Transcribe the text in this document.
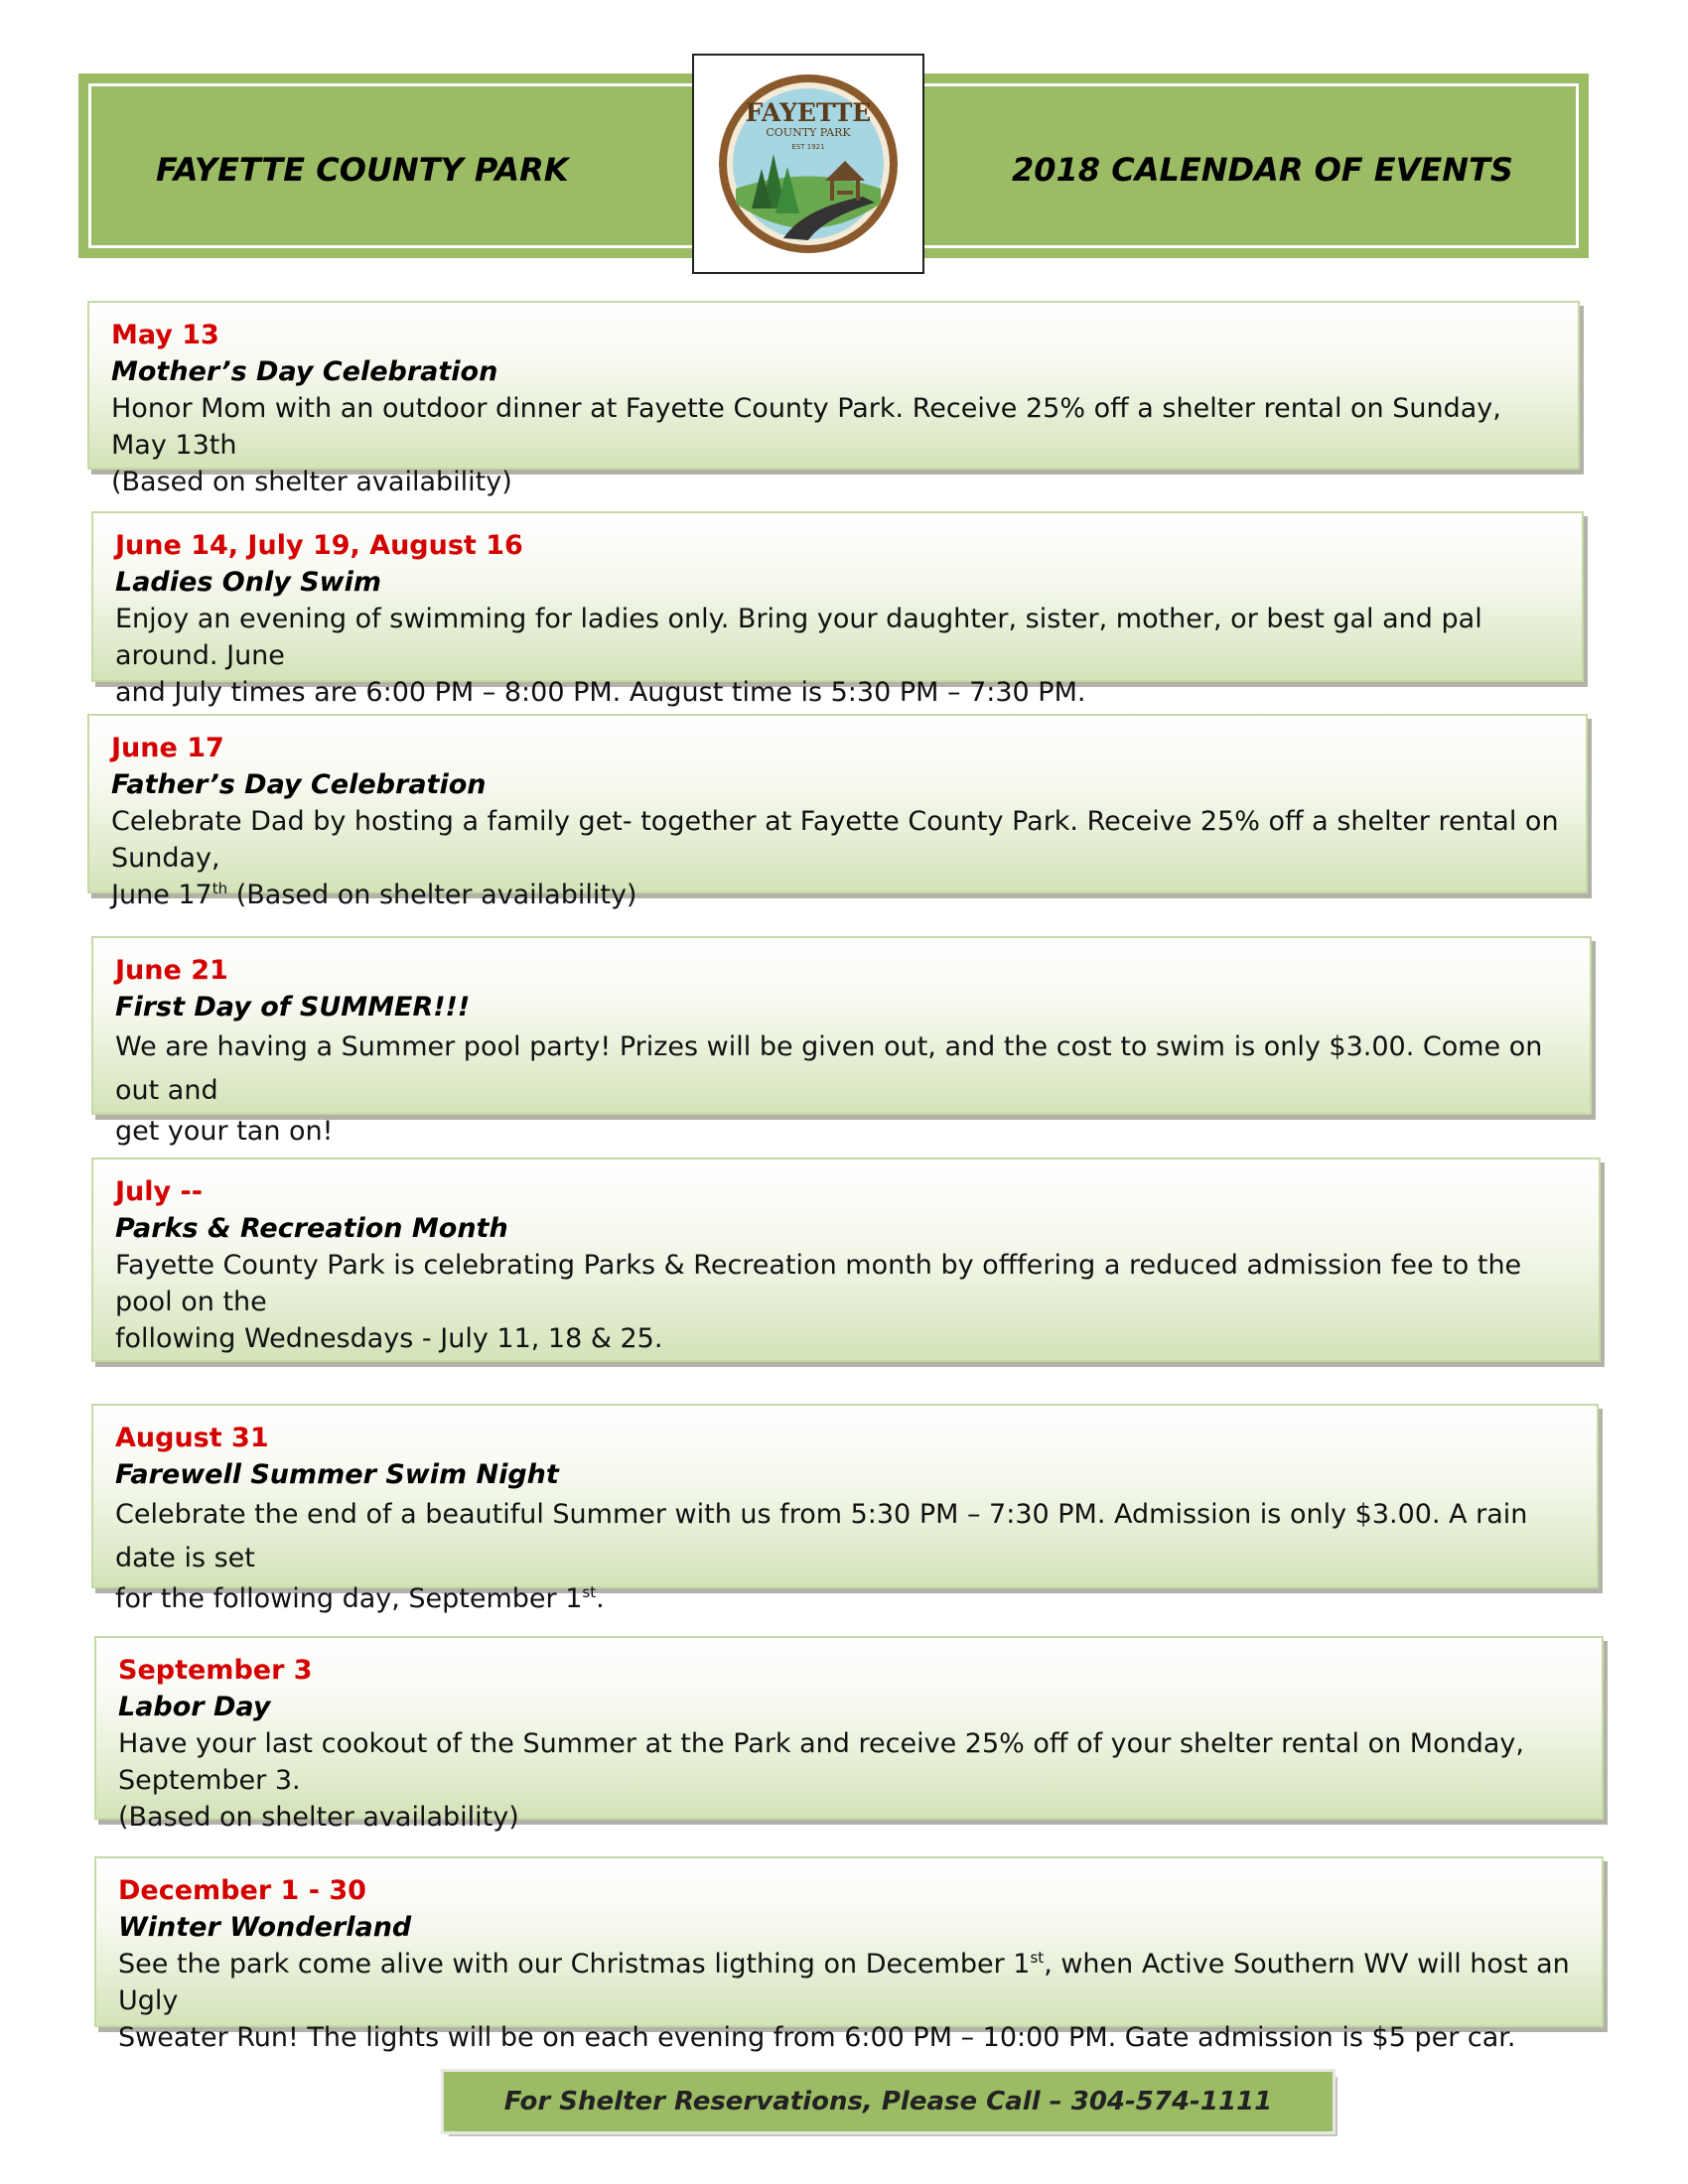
FAYETTE COUNTY PARK	2018 CALENDAR OF EVENTS
FAYETTE
COUNTY PARK
EST 1921
May 13
Mother’s Day Celebration
Honor Mom with an outdoor dinner at Fayette County Park. Receive 25% off a shelter rental on Sunday, May 13th
(Based on shelter availability)
June 14, July 19, August 16
Ladies Only Swim
Enjoy an evening of swimming for ladies only. Bring your daughter, sister, mother, or best gal and pal around. June
and July times are 6:00 PM – 8:00 PM. August time is 5:30 PM – 7:30 PM.
June 17
Father’s Day Celebration
Celebrate Dad by hosting a family get- together at Fayette County Park. Receive 25% off a shelter rental on Sunday,
June 17th (Based on shelter availability)
June 21
First Day of SUMMER!!!
We are having a Summer pool party! Prizes will be given out, and the cost to swim is only $3.00. Come on out and
get your tan on!
July --
Parks & Recreation Month
Fayette County Park is celebrating Parks & Recreation month by offfering a reduced admission fee to the pool on the
following Wednesdays - July 11, 18 & 25.
August 31
Farewell Summer Swim Night
Celebrate the end of a beautiful Summer with us from 5:30 PM – 7:30 PM. Admission is only $3.00. A rain date is set
for the following day, September 1st.
September 3
Labor Day
Have your last cookout of the Summer at the Park and receive 25% off of your shelter rental on Monday, September 3.
(Based on shelter availability)
December 1 - 30
Winter Wonderland
See the park come alive with our Christmas ligthing on December 1st, when Active Southern WV will host an Ugly
Sweater Run! The lights will be on each evening from 6:00 PM – 10:00 PM. Gate admission is $5 per car.
For Shelter Reservations, Please Call – 304-574-1111
